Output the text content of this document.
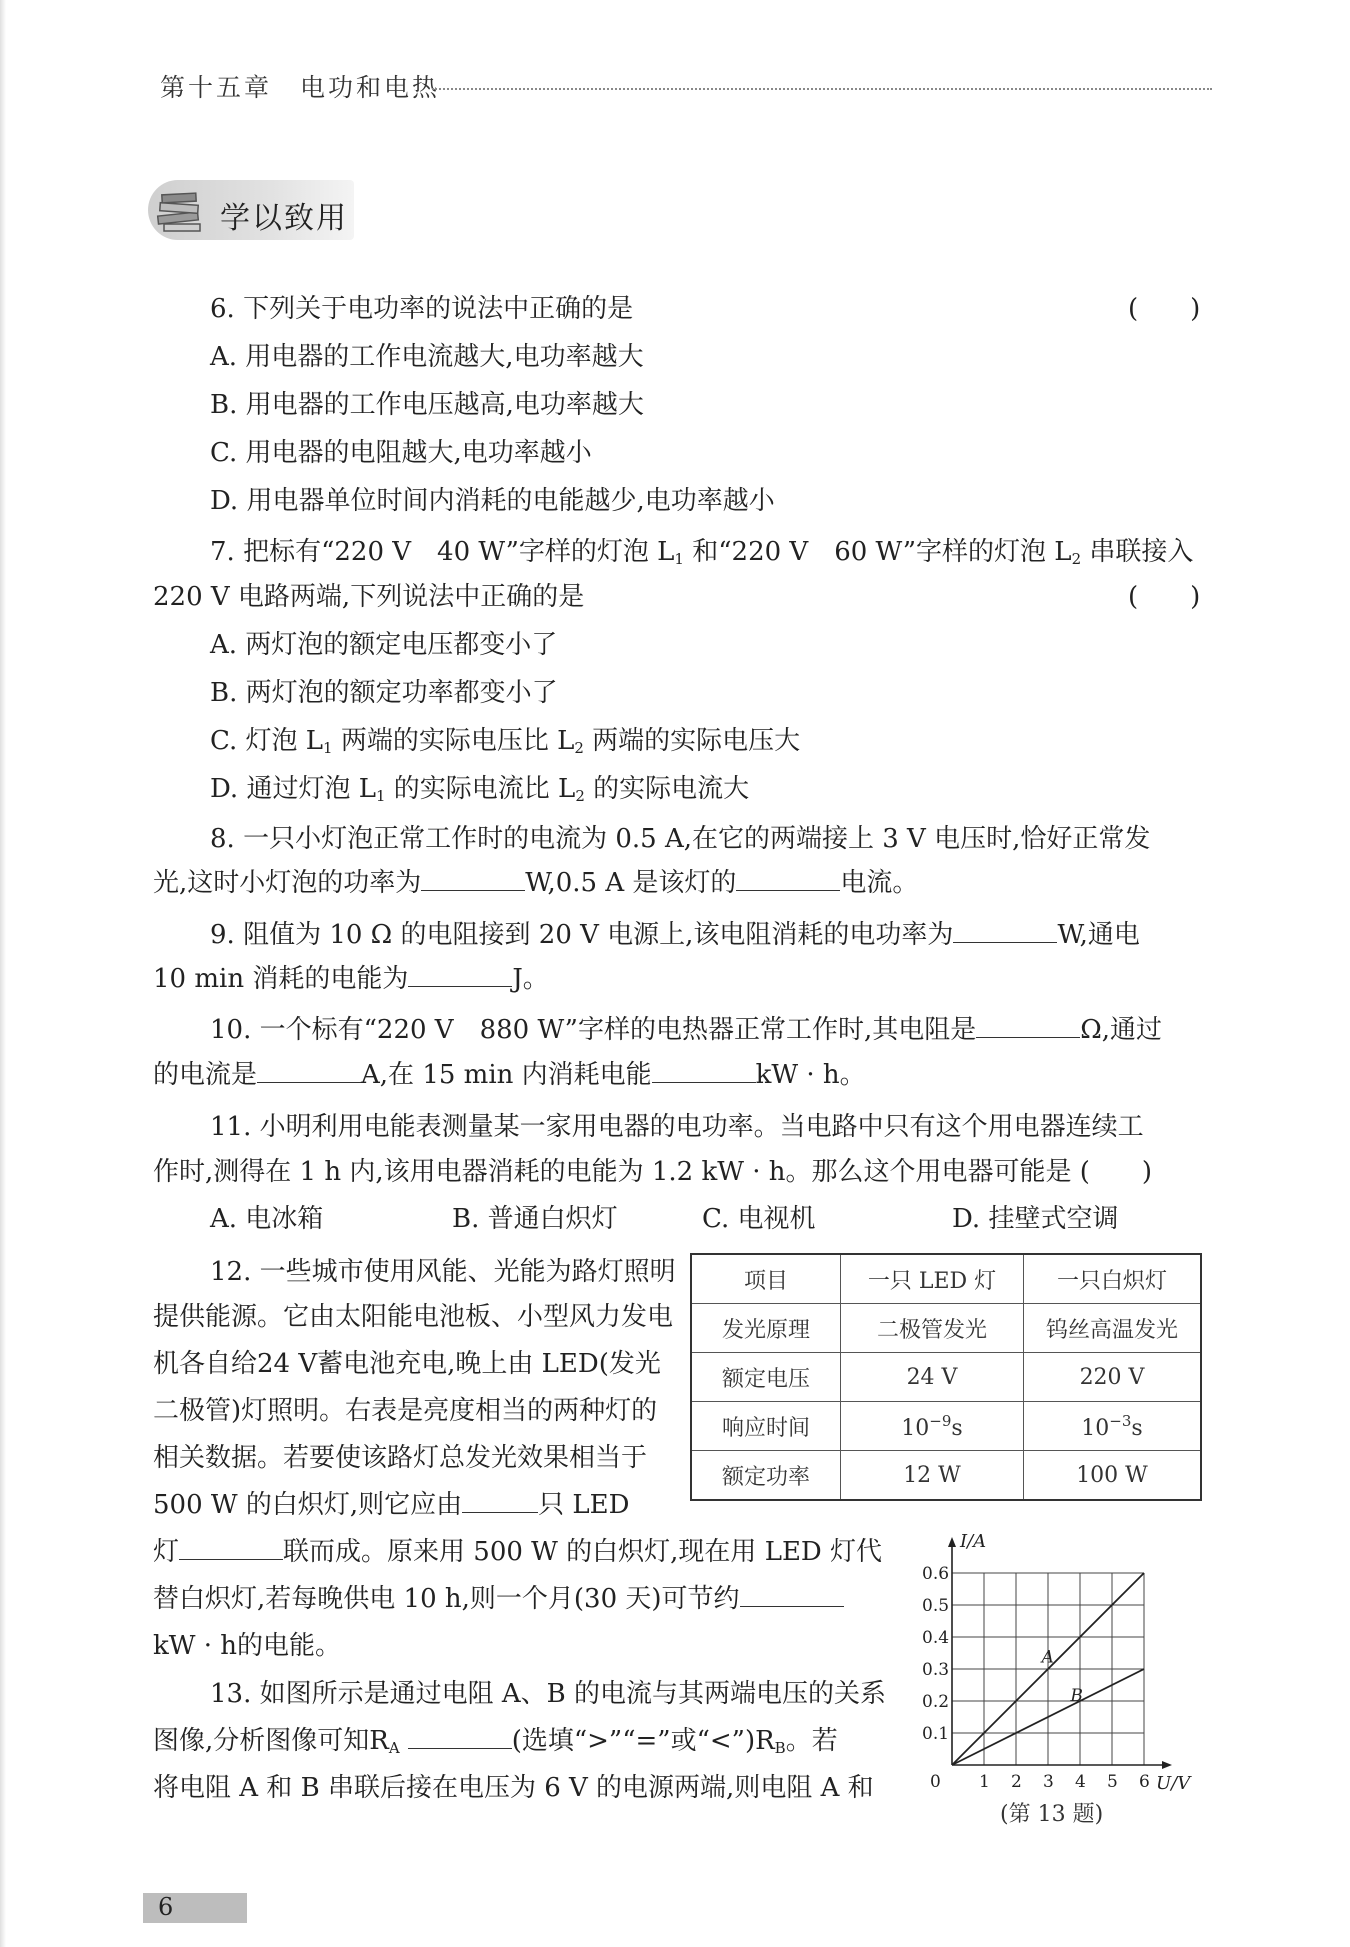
第十五章　电功和电热
学以致用
6. 下列关于电功率的说法中正确的是	(　　)
A. 用电器的工作电流越大,电功率越大
B. 用电器的工作电压越高,电功率越大
C. 用电器的电阻越大,电功率越小
D. 用电器单位时间内消耗的电能越少,电功率越小
7. 把标有“220 V　40 W”字样的灯泡 $L_1$ 和“220 V　60 W”字样的灯泡 $L_2$ 串联接入
220 V 电路两端,下列说法中正确的是	(　　)
A. 两灯泡的额定电压都变小了
B. 两灯泡的额定功率都变小了
C. 灯泡 $L_1$ 两端的实际电压比 $L_2$ 两端的实际电压大
D. 通过灯泡 $L_1$ 的实际电流比 $L_2$ 的实际电流大
8. 一只小灯泡正常工作时的电流为 0.5 A,在它的两端接上 3 V 电压时,恰好正常发
光,这时小灯泡的功率为	W,0.5 A 是该灯的	电流。
9. 阻值为 10 Ω 的电阻接到 20 V 电源上,该电阻消耗的电功率为	W,通电
10 min 消耗的电能为	J。
10. 一个标有“220 V　880 W”字样的电热器正常工作时,其电阻是	Ω,通过
的电流是	A,在 15 min 内消耗电能	kW · h。
11. 小明利用电能表测量某一家用电器的电功率。当电路中只有这个用电器连续工
作时,测得在 1 h 内,该用电器消耗的电能为 1.2 kW · h。那么这个用电器可能是 (　　)
A. 电冰箱	B. 普通白炽灯	C. 电视机	D. 挂壁式空调
12. 一些城市使用风能、光能为路灯照明
提供能源。它由太阳能电池板、小型风力发电
机各自给24 V蓄电池充电,晚上由 LED(发光
二极管)灯照明。右表是亮度相当的两种灯的
相关数据。若要使该路灯总发光效果相当于
500 W 的白炽灯,则它应由	只 LED
灯	联而成。原来用 500 W 的白炽灯,现在用 LED 灯代
替白炽灯,若每晚供电 10 h,则一个月(30 天)可节约
kW · h的电能。
项目	一只 LED 灯	一只白炽灯
发光原理	二极管发光	钨丝高温发光
额定电压	24 V	220 V
响应时间	$10^{-9}s$	$10^{-3}s$
额定功率	12 W	100 W
13. 如图所示是通过电阻 A、B 的电流与其两端电压的关系
图像,分析图像可知$R_A$	(选填“>”“=”或“$<”)R_B$。若
将电阻 A 和 B 串联后接在电压为 6 V 的电源两端,则电阻 A 和	0 1 2 3 4 5 6
0.1
0.2
0.3
0.4
0.5
0.6
I/A
U/V
A
B
(第 13 题)
6
